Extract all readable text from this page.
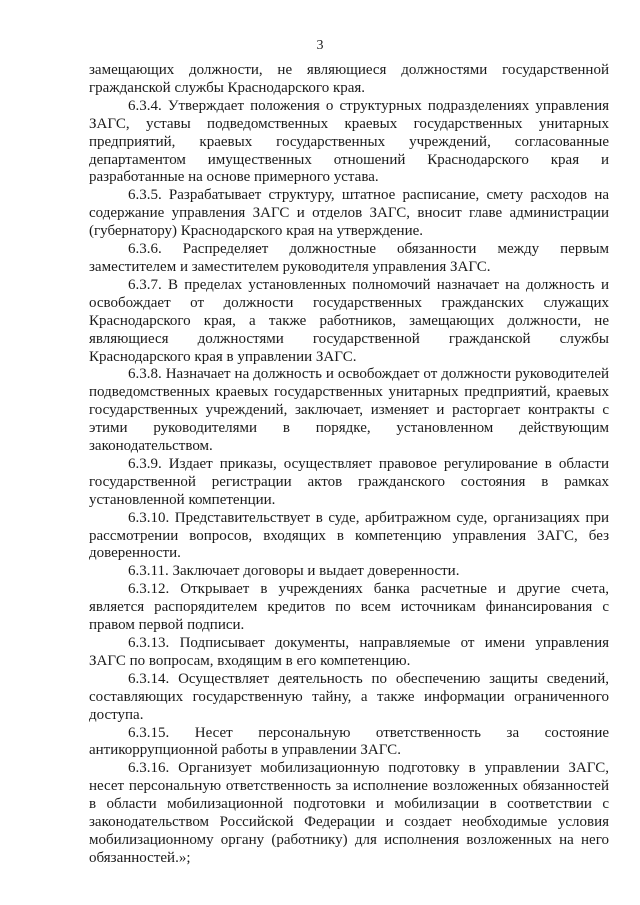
3

замещающих должности, не являющиеся должностями государственной гражданской службы Краснодарского края.

6.3.4. Утверждает положения о структурных подразделениях управления ЗАГС, уставы подведомственных краевых государственных унитарных предприятий, краевых государственных учреждений, согласованные департаментом имущественных отношений Краснодарского края и разработанные на основе примерного устава.

6.3.5. Разрабатывает структуру, штатное расписание, смету расходов на содержание управления ЗАГС и отделов ЗАГС, вносит главе администрации (губернатору) Краснодарского края на утверждение.

6.3.6. Распределяет должностные обязанности между первым заместителем и заместителем руководителя управления ЗАГС.

6.3.7. В пределах установленных полномочий назначает на должность и освобождает от должности государственных гражданских служащих Краснодарского края, а также работников, замещающих должности, не являющиеся должностями государственной гражданской службы Краснодарского края в управлении ЗАГС.

6.3.8. Назначает на должность и освобождает от должности руководителей подведомственных краевых государственных унитарных предприятий, краевых государственных учреждений, заключает, изменяет и расторгает контракты с этими руководителями в порядке, установленном действующим законодательством.

6.3.9. Издает приказы, осуществляет правовое регулирование в области государственной регистрации актов гражданского состояния в рамках установленной компетенции.

6.3.10. Представительствует в суде, арбитражном суде, организациях при рассмотрении вопросов, входящих в компетенцию управления ЗАГС, без доверенности.

6.3.11. Заключает договоры и выдает доверенности.

6.3.12. Открывает в учреждениях банка расчетные и другие счета, является распорядителем кредитов по всем источникам финансирования с правом первой подписи.

6.3.13. Подписывает документы, направляемые от имени управления ЗАГС по вопросам, входящим в его компетенцию.

6.3.14. Осуществляет деятельность по обеспечению защиты сведений, составляющих государственную тайну, а также информации ограниченного доступа.

6.3.15. Несет персональную ответственность за состояние антикоррупционной работы в управлении ЗАГС.

6.3.16. Организует мобилизационную подготовку в управлении ЗАГС, несет персональную ответственность за исполнение возложенных обязанностей в области мобилизационной подготовки и мобилизации в соответствии с законодательством Российской Федерации и создает необходимые условия мобилизационному органу (работнику) для исполнения возложенных на него обязанностей.»;
